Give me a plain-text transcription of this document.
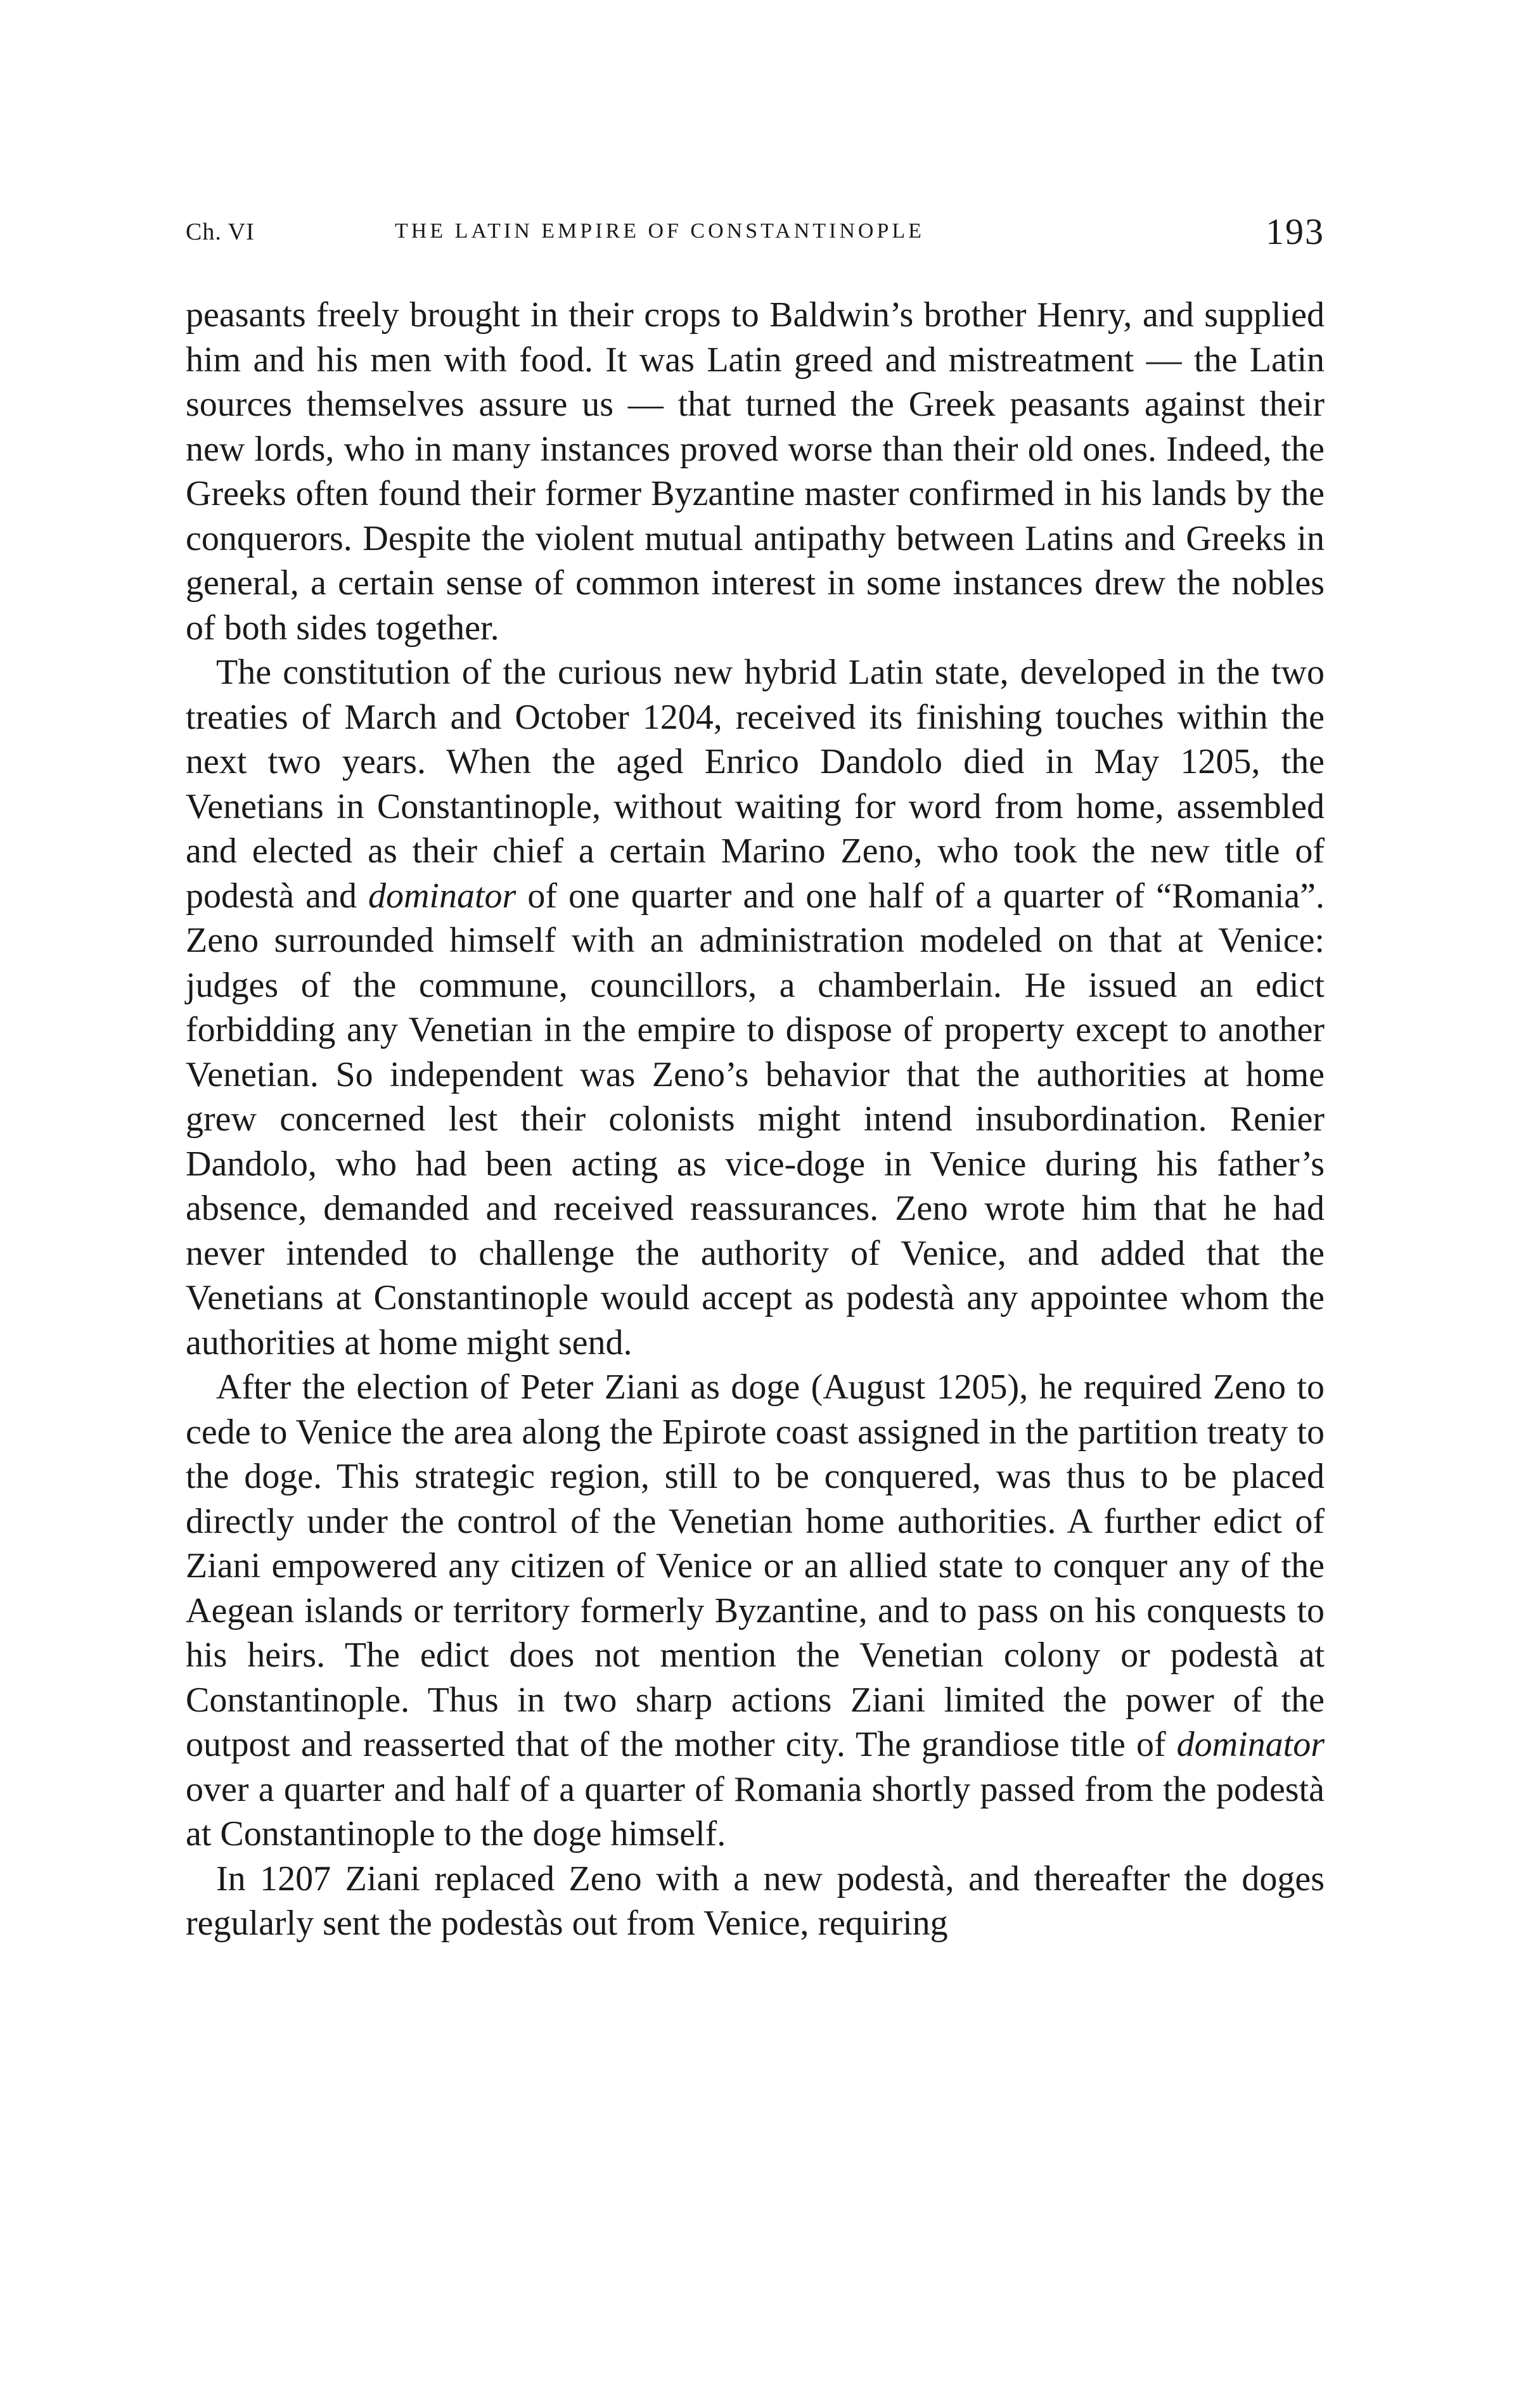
Ch. VI	THE LATIN EMPIRE OF CONSTANTINOPLE	193

peasants freely brought in their crops to Baldwin’s brother Henry, and supplied him and his men with food. It was Latin greed and mistreatment — the Latin sources themselves assure us — that turned the Greek peasants against their new lords, who in many instances proved worse than their old ones. Indeed, the Greeks often found their former Byzantine master confirmed in his lands by the conquerors. Despite the violent mutual antipathy between Latins and Greeks in general, a certain sense of common interest in some instances drew the nobles of both sides together.

The constitution of the curious new hybrid Latin state, developed in the two treaties of March and October 1204, received its finishing touches within the next two years. When the aged Enrico Dandolo died in May 1205, the Venetians in Constantinople, without waiting for word from home, assembled and elected as their chief a certain Marino Zeno, who took the new title of podestà and dominator of one quarter and one half of a quarter of “Romania”. Zeno surrounded himself with an administration modeled on that at Venice: judges of the commune, councillors, a chamberlain. He issued an edict forbidding any Venetian in the empire to dispose of property except to another Venetian. So independent was Zeno’s behavior that the authorities at home grew concerned lest their colonists might intend insubordination. Renier Dandolo, who had been acting as vice-doge in Venice during his father’s absence, demanded and received reassurances. Zeno wrote him that he had never intended to challenge the authority of Venice, and added that the Venetians at Constantinople would accept as podestà any appointee whom the authorities at home might send.

After the election of Peter Ziani as doge (August 1205), he required Zeno to cede to Venice the area along the Epirote coast assigned in the partition treaty to the doge. This strategic region, still to be conquered, was thus to be placed directly under the control of the Venetian home authorities. A further edict of Ziani empowered any citizen of Venice or an allied state to conquer any of the Aegean islands or territory formerly Byzantine, and to pass on his conquests to his heirs. The edict does not mention the Venetian colony or podestà at Constantinople. Thus in two sharp actions Ziani limited the power of the outpost and reasserted that of the mother city. The grandiose title of dominator over a quarter and half of a quarter of Romania shortly passed from the podestà at Constantinople to the doge himself.

In 1207 Ziani replaced Zeno with a new podestà, and thereafter the doges regularly sent the podestàs out from Venice, requiring
